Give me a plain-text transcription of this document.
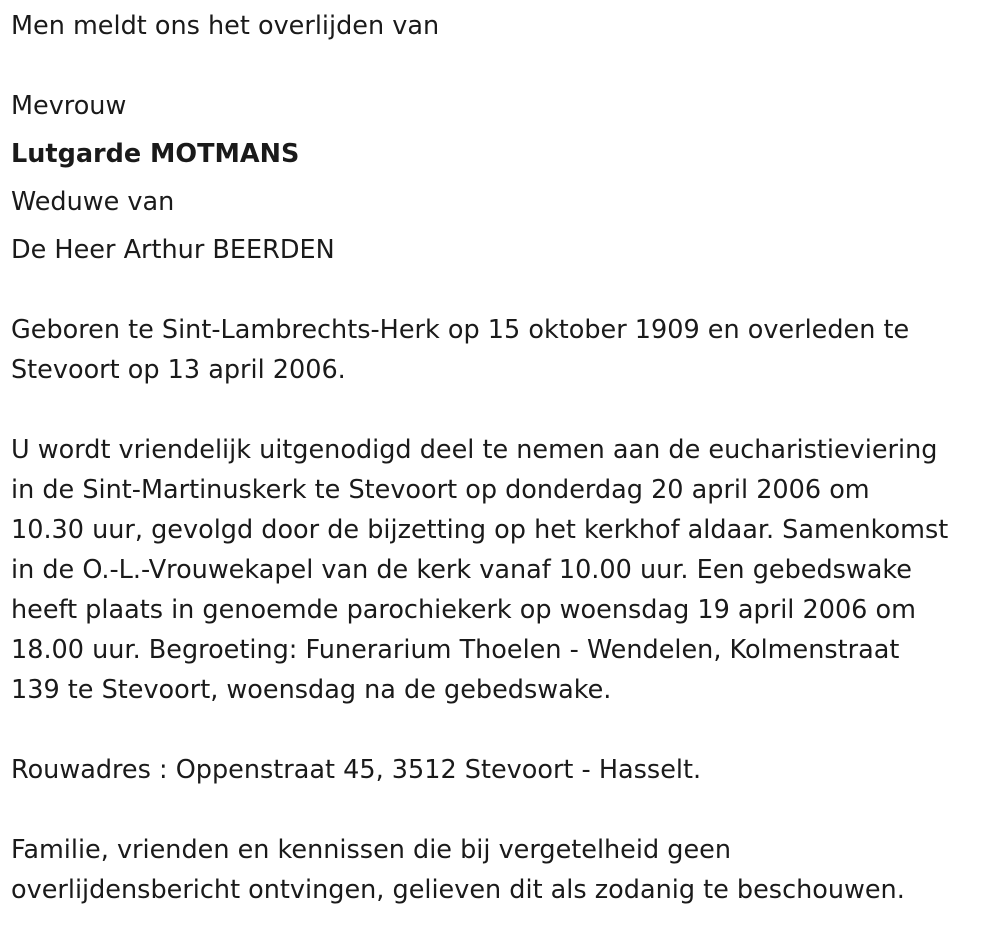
Men meldt ons het overlijden van
Mevrouw
Lutgarde MOTMANS
Weduwe van
De Heer Arthur BEERDEN
Geboren te Sint-Lambrechts-Herk op 15 oktober 1909 en overleden te
Stevoort op 13 april 2006.
U wordt vriendelijk uitgenodigd deel te nemen aan de eucharistieviering
in de Sint-Martinuskerk te Stevoort op donderdag 20 april 2006 om
10.30 uur, gevolgd door de bijzetting op het kerkhof aldaar. Samenkomst
in de O.-L.-Vrouwekapel van de kerk vanaf 10.00 uur. Een gebedswake
heeft plaats in genoemde parochiekerk op woensdag 19 april 2006 om
18.00 uur. Begroeting: Funerarium Thoelen - Wendelen, Kolmenstraat
139 te Stevoort, woensdag na de gebedswake.
Rouwadres : Oppenstraat 45, 3512 Stevoort - Hasselt.
Familie, vrienden en kennissen die bij vergetelheid geen
overlijdensbericht ontvingen, gelieven dit als zodanig te beschouwen.
